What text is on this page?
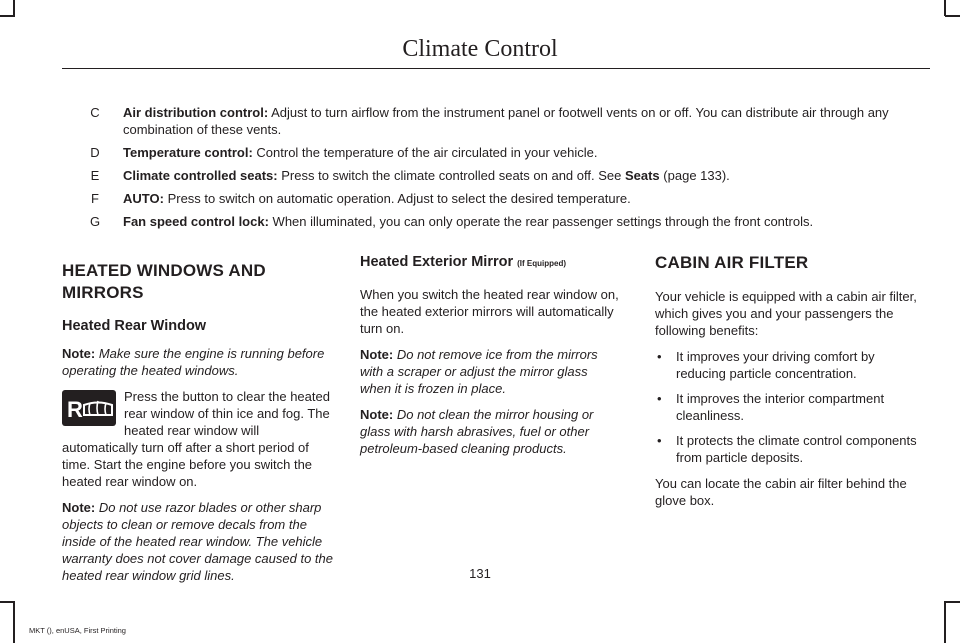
Climate Control
C Air distribution control: Adjust to turn airflow from the instrument panel or footwell vents on or off. You can distribute air through any combination of these vents.
D Temperature control: Control the temperature of the air circulated in your vehicle.
E Climate controlled seats: Press to switch the climate controlled seats on and off. See Seats (page 133).
F AUTO: Press to switch on automatic operation. Adjust to select the desired temperature.
G Fan speed control lock: When illuminated, you can only operate the rear passenger settings through the front controls.
HEATED WINDOWS AND MIRRORS
Heated Rear Window

Note: Make sure the engine is running before operating the heated windows.

R

Press the button to clear the heated rear window of thin ice and fog. The heated rear window will automatically turn off after a short period of time. Start the engine before you switch the heated rear window on.

Note: Do not use razor blades or other sharp objects to clean or remove decals from the inside of the heated rear window. The vehicle warranty does not cover damage caused to the heated rear window grid lines.

Heated Exterior Mirror (If Equipped)

When you switch the heated rear window on, the heated exterior mirrors will automatically turn on.

Note: Do not remove ice from the mirrors with a scraper or adjust the mirror glass when it is frozen in place.

Note: Do not clean the mirror housing or glass with harsh abrasives, fuel or other petroleum-based cleaning products.

CABIN AIR FILTER

Your vehicle is equipped with a cabin air filter, which gives you and your passengers the following benefits:

• It improves your driving comfort by reducing particle concentration.
• It improves the interior compartment cleanliness.
• It protects the climate control components from particle deposits.

You can locate the cabin air filter behind the glove box.

131
MKT (), enUSA, First Printing
